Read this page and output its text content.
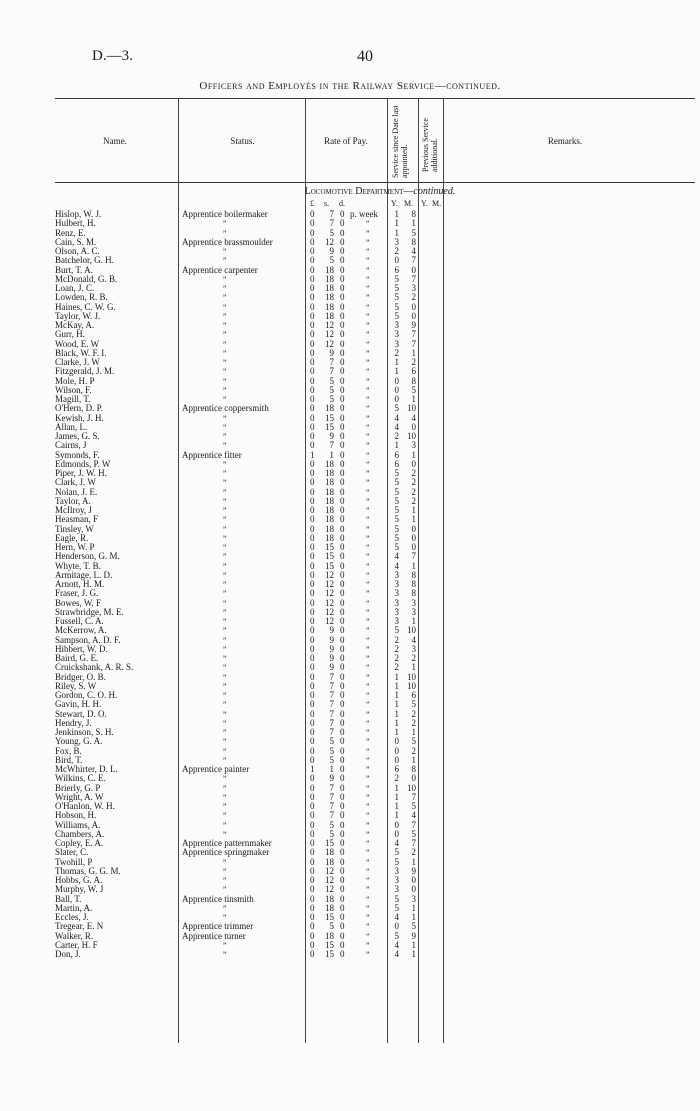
D.—3.	40
Officers and Employés in the Railway Service—continued.
Name.	Status.	Rate of Pay.	Service since Date last appointed. Previous Service additional.	Remarks.
Locomotive Department—continued.
£ s. d.	Y. M. Y. M.
Hislop, W. J.	Apprentice boilermaker	0	7 0 p. week	1	8
Hulbert, H.	”	0	7 0	”	1	1
Renz, E.	”	0	5 0	”	1	5
Cain, S. M.	Apprentice brassmoulder	0	12 0	”	3	8
Olson, A. C.	”	0	9 0	”	2	4
Batchelor, G. H.	”	0	5 0	”	0	7
Burt, T. A.	Apprentice carpenter	0	18 0	”	6	0
McDonald, G. B.	”	0	18 0	”	5	7
Loan, J. C.	”	0	18 0	”	5	3
Lowden, R. B.	”	0	18 0	”	5	2
Haines, C. W. G.	”	0	18 0	”	5	0
Taylor, W. J.	”	0	18 0	”	5	0
McKay, A.	”	0	12 0	”	3	9
Gurr, H.	”	0	12 0	”	3	7
Wood, E. W	”	0	12 0	”	3	7
Black, W. F. I.	”	0	9 0	”	2	1
Clarke, J. W	”	0	7 0	”	1	2
Fitzgerald, J. M.	”	0	7 0	”	1	6
Mole, H. P	”	0	5 0	”	0	8
Wilson, F.	”	0	5 0	”	0	5
Magill, T.	”	0	5 0	”	0	1
O'Hern, D. P.	Apprentice coppersmith	0	18 0	”	5 10
Kewish, J. H.	”	0	15 0	”	4	4
Allan, L.	”	0	15 0	”	4	0
James, G. S.	”	0	9 0	”	2 10
Cairns, J	”	0	7 0	”	1	3
Symonds, F.	Apprentice fitter	1	1 0	”	6	1
Edmonds, P. W	”	0	18 0	”	6	0
Piper, J. W. H.	”	0	18 0	”	5	2
Clark, J. W	”	0	18 0	”	5	2
Nolan, J. E.	”	0	18 0	”	5	2
Taylor, A.	”	0	18 0	”	5	2
McIlroy, J	”	0	18 0	”	5	1
Heasman, F	”	0	18 0	”	5	1
Tinsley, W	”	0	18 0	”	5	0
Eagle, R.	”	0	18 0	”	5	0
Hern, W. P	”	0	15 0	”	5	0
Henderson, G. M.	”	0	15 0	”	4	7
Whyte, T. B.	”	0	15 0	”	4	1
Armitage, L. D.	”	0	12 0	”	3	8
Arnott, H. M.	”	0	12 0	”	3	8
Fraser, J. G.	”	0	12 0	”	3	8
Bowes, W. F	”	0	12 0	”	3	3
Strawbridge, M. E.	”	0	12 0	”	3	3
Fussell, C. A.	”	0	12 0	”	3	1
McKerrow, A.	”	0	9 0	”	5 10
Sampson, A. D. F.	”	0	9 0	”	2	4
Hibbert, W. D.	”	0	9 0	”	2	3
Baird, G. E.	”	0	9 0	”	2	2
Cruickshank, A. R. S.	”	0	9 0	”	2	1
Bridger, O. B.	”	0	7 0	”	1 10
Riley, S. W	”	0	7 0	”	1 10
Gordon, C. O. H.	”	0	7 0	”	1	6
Gavin, H. H.	”	0	7 0	”	1	5
Stewart, D. O.	”	0	7 0	”	1	2
Hendry, J.	”	0	7 0	”	1	2
Jenkinson, S. H.	”	0	7 0	”	1	1
Young, G. A.	”	0	5 0	”	0	5
Fox, B.	”	0	5 0	”	0	2
Bird, T.	”	0	5 0	”	0	1
McWhirter, D. L.	Apprentice painter	1	1 0	”	6	8
Wilkins, C. E.	”	0	9 0	”	2	0
Brierly, G. P	”	0	7 0	”	1 10
Wright, A. W	”	0	7 0	”	1	7
O'Hanlon, W. H.	”	0	7 0	”	1	5
Hobson, H.	”	0	7 0	”	1	4
Williams, A.	”	0	5 0	”	0	7
Chambers, A.	”	0	5 0	”	0	5
Copley, E. A.	Apprentice patternmaker	0	15 0	”	4	7
Slater, C.	Apprentice springmaker	0	18 0	”	5	2
Twohill, P	”	0	18 0	”	5	1
Thomas, G. G. M.	”	0	12 0	”	3	9
Hobbs, G. A.	”	0	12 0	”	3	0
Murphy, W. J	”	0	12 0	”	3	0
Ball, T.	Apprentice tinsmith	0	18 0	”	5	3
Martin, A.	”	0	18 0	”	5	1
Eccles, J.	”	0	15 0	”	4	1
Tregear, E. N	Apprentice trimmer	0	5 0	”	0	5
Walker, R.	Apprentice turner	0	18 0	”	5	9
Carter, H. F	”	0	15 0	”	4	1
Don, J.	”	0	15 0	”	4	1
